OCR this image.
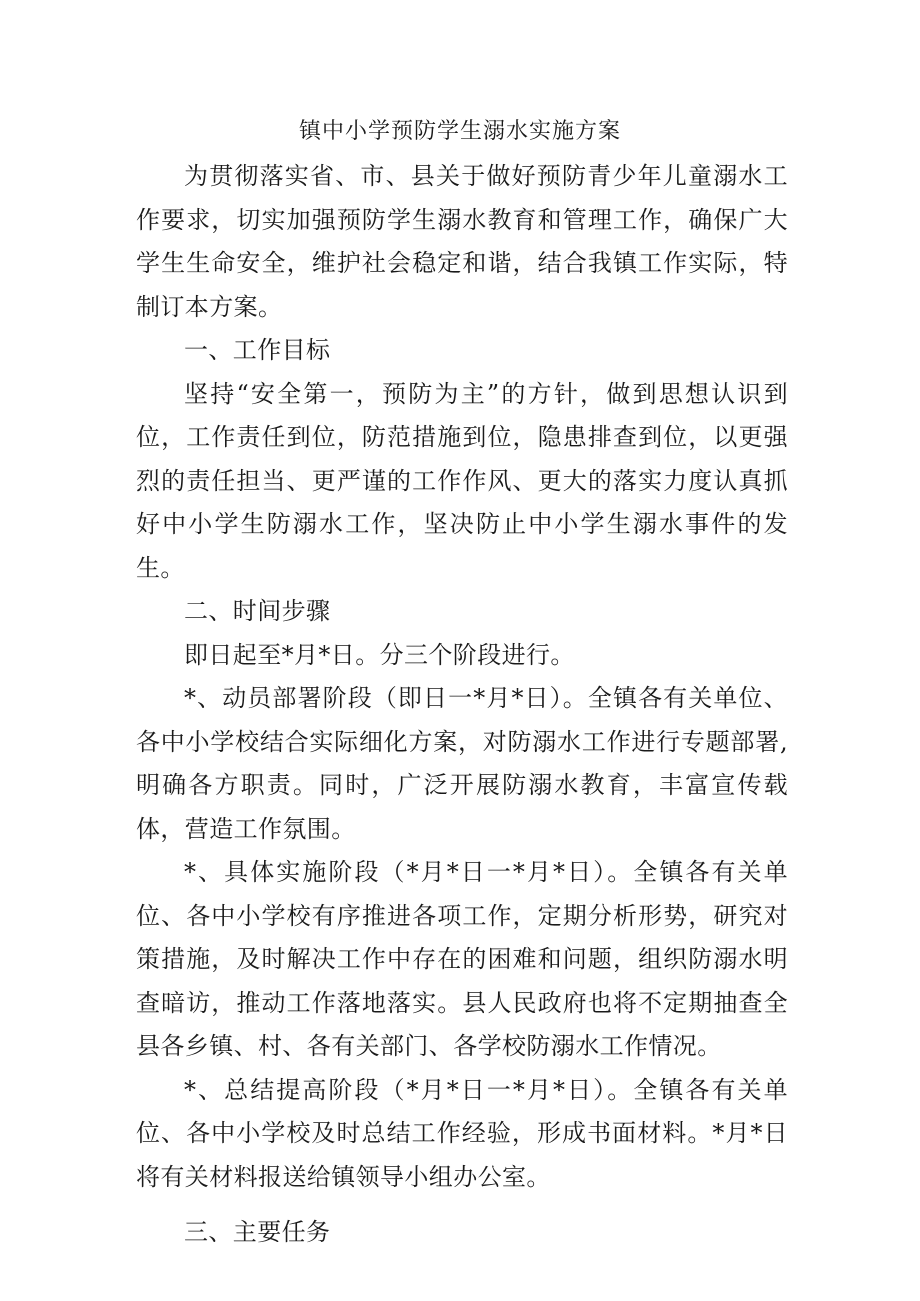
镇中小学预防学生溺水实施方案

为贯彻落实省、市、县关于做好预防青少年儿童溺水工作要求，切实加强预防学生溺水教育和管理工作，确保广大学生生命安全，维护社会稳定和谐，结合我镇工作实际，特制订本方案。

一、工作目标

坚持“安全第一，预防为主”的方针，做到思想认识到位，工作责任到位，防范措施到位，隐患排查到位，以更强烈的责任担当、更严谨的工作作风、更大的落实力度认真抓好中小学生防溺水工作，坚决防止中小学生溺水事件的发生。

二、时间步骤

即日起至*月*日。分三个阶段进行。

*、动员部署阶段（即日一*月*日）。全镇各有关单位、各中小学校结合实际细化方案，对防溺水工作进行专题部署,明确各方职责。同时，广泛开展防溺水教育，丰富宣传载体，营造工作氛围。

*、具体实施阶段（*月*日一*月*日）。全镇各有关单位、各中小学校有序推进各项工作，定期分析形势，研究对策措施，及时解决工作中存在的困难和问题，组织防溺水明查暗访，推动工作落地落实。县人民政府也将不定期抽查全县各乡镇、村、各有关部门、各学校防溺水工作情况。

*、总结提高阶段（*月*日一*月*日）。全镇各有关单位、各中小学校及时总结工作经验，形成书面材料。*月*日将有关材料报送给镇领导小组办公室。

三、主要任务
